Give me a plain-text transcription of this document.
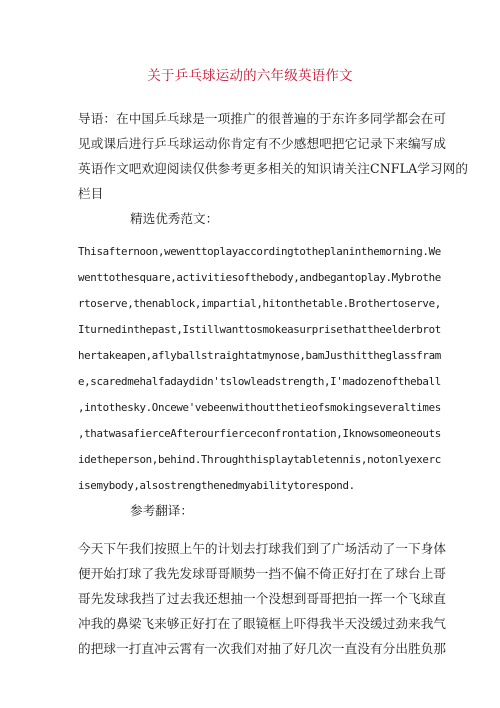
关于乒乓球运动的六年级英语作文
导语：在中国乒乓球是一项推广的很普遍的于东许多同学都会在可
见或课后进行乒乓球运动你肯定有不少感想吧把它记录下来编写成
英语作文吧欢迎阅读仅供参考更多相关的知识请关注CNFLA学习网的
栏目
精选优秀范文：
Thisafternoon,wewenttoplayaccordingtotheplaninthemorning.We
wenttothesquare,activitiesofthebody,andbegantoplay.Mybrothe
rtoserve,thenablock,impartial,hitonthetable.Brothertoserve,
Iturnedinthepast,Istillwanttosmokeasurprisethattheelderbrot
hertakeapen,aflyballstraightatmynose,bamJusthittheglassfram
e,scaredmehalfadaydidn'tslowleadstrength,I'madozenoftheball
,intothesky.Oncewe'vebeenwithoutthetieofsmokingseveraltimes
,thatwasafierceAfterourfierceconfrontation,Iknowsomeoneouts
idetheperson,behind.Throughthisplaytabletennis,notonlyexerc
isemybody,alsostrengthenedmyabilitytorespond.
参考翻译：
今天下午我们按照上午的计划去打球我们到了广场活动了一下身体
便开始打球了我先发球哥哥顺势一挡不偏不倚正好打在了球台上哥
哥先发球我挡了过去我还想抽一个没想到哥哥把拍一挥一个飞球直
冲我的鼻梁飞来够正好打在了眼镜框上吓得我半天没缓过劲来我气
的把球一打直冲云霄有一次我们对抽了好几次一直没有分出胜负那
